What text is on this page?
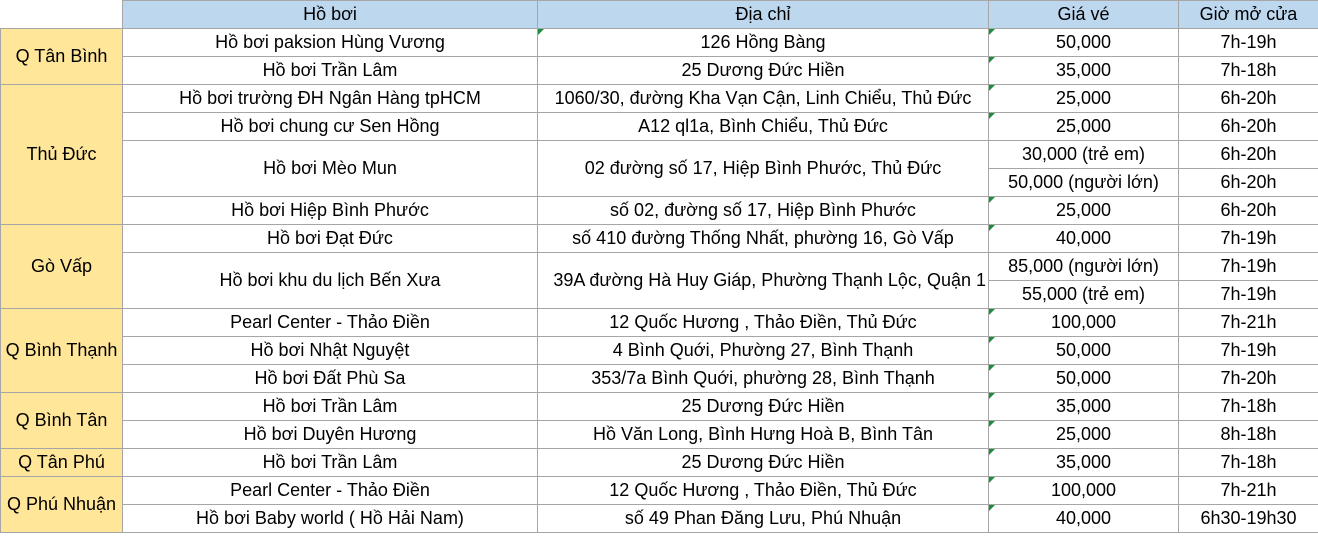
	Hồ bơi	Địa chỉ	Giá vé	Giờ mở cửa
Q Tân Bình	Hồ bơi paksion Hùng Vương	126 Hồng Bàng	50,000	7h-19h
	Hồ bơi Trần Lâm	25 Dương Đức Hiền	35,000	7h-18h
Thủ Đức	Hồ bơi trường ĐH Ngân Hàng tpHCM	1060/30, đường Kha Vạn Cận, Linh Chiểu, Thủ Đức	25,000	6h-20h
	Hồ bơi chung cư Sen Hồng	A12 ql1a, Bình Chiểu, Thủ Đức	25,000	6h-20h
	Hồ bơi Mèo Mun	02 đường số 17, Hiệp Bình Phước, Thủ Đức	30,000 (trẻ em)	6h-20h
			50,000 (người lớn)	6h-20h
	Hồ bơi Hiệp Bình Phước	số 02, đường số 17, Hiệp Bình Phước	25,000	6h-20h
Gò Vấp	Hồ bơi Đạt Đức	số 410 đường Thống Nhất, phường 16, Gò Vấp	40,000	7h-19h
	Hồ bơi khu du lịch Bến Xưa	39A đường Hà Huy Giáp, Phường Thạnh Lộc, Quận 1	85,000 (người lớn)	7h-19h
			55,000 (trẻ em)	7h-19h
Q Bình Thạnh	Pearl Center - Thảo Điền	12 Quốc Hương , Thảo Điền, Thủ Đức	100,000	7h-21h
	Hồ bơi Nhật Nguyệt	4 Bình Quới, Phường 27, Bình Thạnh	50,000	7h-19h
	Hồ bơi Đất Phù Sa	353/7a Bình Quới, phường 28, Bình Thạnh	50,000	7h-20h
Q Bình Tân	Hồ bơi Trần Lâm	25 Dương Đức Hiền	35,000	7h-18h
	Hồ bơi Duyên Hương	Hồ Văn Long, Bình Hưng Hoà B, Bình Tân	25,000	8h-18h
Q Tân Phú	Hồ bơi Trần Lâm	25 Dương Đức Hiền	35,000	7h-18h
Q Phú Nhuận	Pearl Center - Thảo Điền	12 Quốc Hương , Thảo Điền, Thủ Đức	100,000	7h-21h
	Hồ bơi Baby world ( Hồ Hải Nam)	số 49 Phan Đăng Lưu, Phú Nhuận	40,000	6h30-19h30
